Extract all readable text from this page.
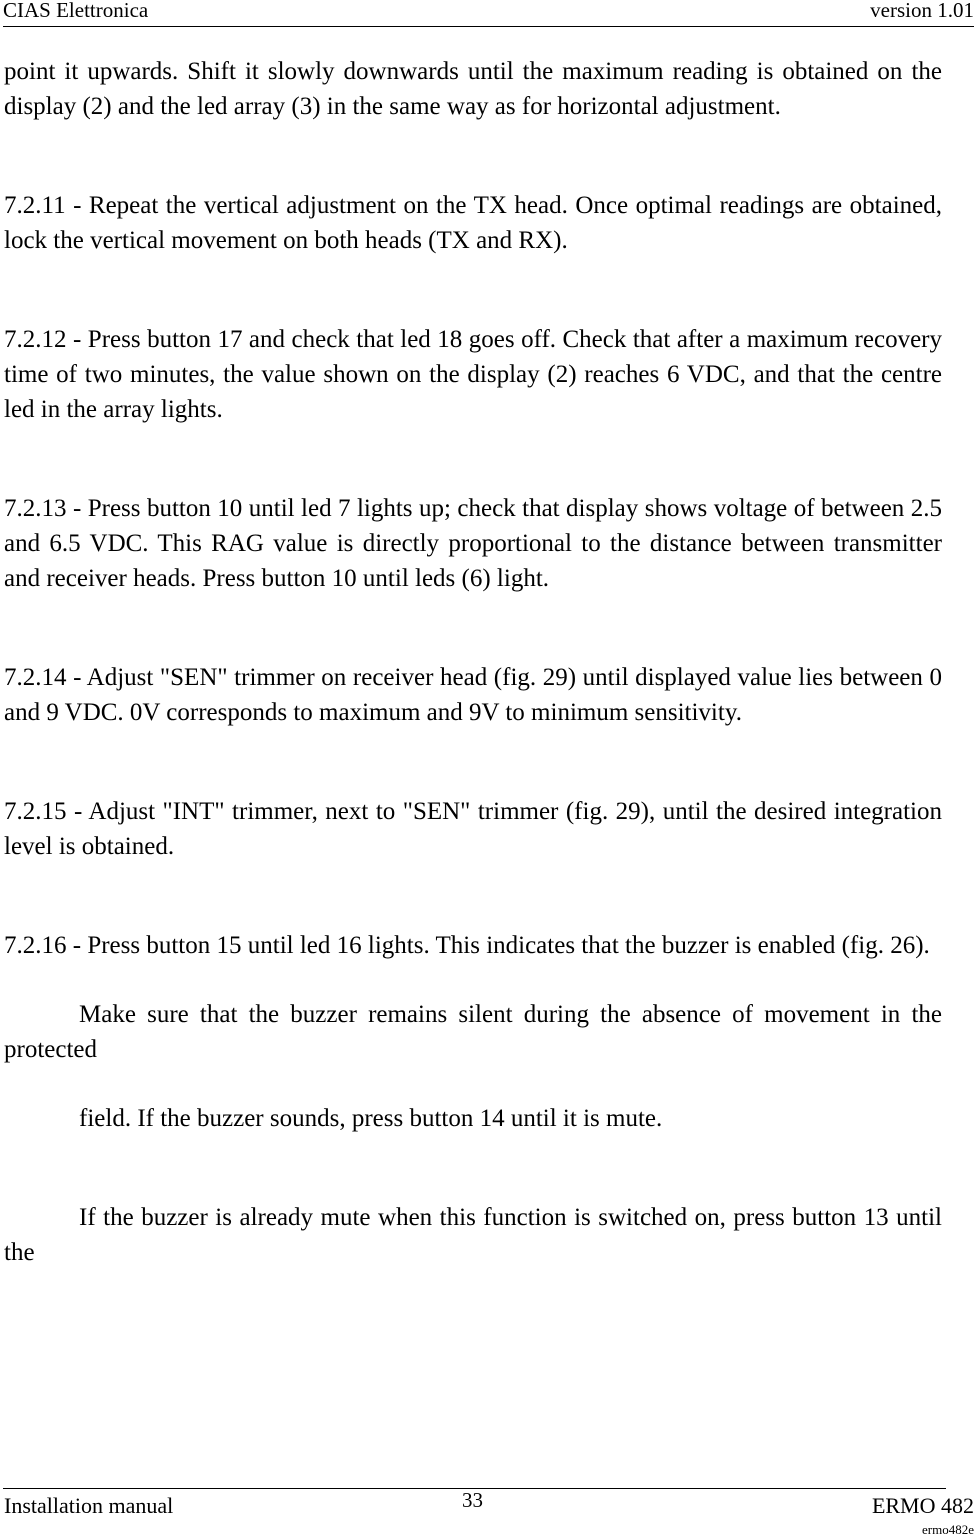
CIAS Elettronica	version 1.01

point it upwards. Shift it slowly downwards until the maximum reading is obtained on the display (2) and the led array (3) in the same way as for horizontal adjustment.

7.2.11 - Repeat the vertical adjustment on the TX head. Once optimal readings are obtained, lock the vertical movement on both heads (TX and RX).

7.2.12 - Press button 17 and check that led 18 goes off. Check that after a maximum recovery time of two minutes, the value shown on the display (2) reaches 6 VDC, and that the centre led in the array lights.

7.2.13 - Press button 10 until led 7 lights up; check that display shows voltage of between 2.5 and 6.5 VDC. This RAG value is directly proportional to the distance between transmitter and receiver heads. Press button 10 until leds (6) light.

7.2.14 - Adjust "SEN" trimmer on receiver head (fig. 29) until displayed value lies between 0 and 9 VDC. 0V corresponds to maximum and 9V to minimum sensitivity.

7.2.15 - Adjust "INT" trimmer, next to "SEN" trimmer (fig. 29), until the desired integration level is obtained.

7.2.16 - Press button 15 until led 16 lights. This indicates that the buzzer is enabled (fig. 26).

Make sure that the buzzer remains silent during the absence of movement in the protected

field. If the buzzer sounds, press button 14 until it is mute.

If the buzzer is already mute when this function is switched on, press button 13 until the

Installation manual	33	ERMO 482
ermo482e
